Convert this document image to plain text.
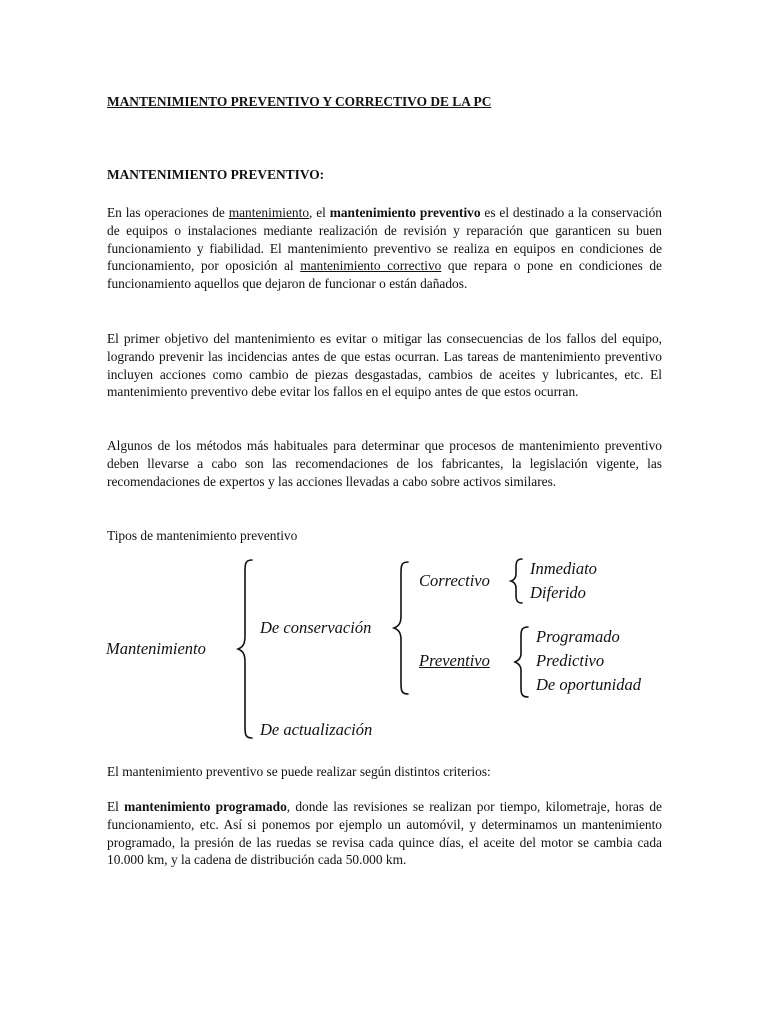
MANTENIMIENTO PREVENTIVO Y CORRECTIVO DE LA PC

MANTENIMIENTO PREVENTIVO:

En las operaciones de mantenimiento, el mantenimiento preventivo es el destinado a la conservación de equipos o instalaciones mediante realización de revisión y reparación que garanticen su buen funcionamiento y fiabilidad. El mantenimiento preventivo se realiza en equipos en condiciones de funcionamiento, por oposición al mantenimiento correctivo que repara o pone en condiciones de funcionamiento aquellos que dejaron de funcionar o están dañados.

El primer objetivo del mantenimiento es evitar o mitigar las consecuencias de los fallos del equipo, logrando prevenir las incidencias antes de que estas ocurran. Las tareas de mantenimiento preventivo incluyen acciones como cambio de piezas desgastadas, cambios de aceites y lubricantes, etc. El mantenimiento preventivo debe evitar los fallos en el equipo antes de que estos ocurran.

Algunos de los métodos más habituales para determinar que procesos de mantenimiento preventivo deben llevarse a cabo son las recomendaciones de los fabricantes, la legislación vigente, las recomendaciones de expertos y las acciones llevadas a cabo sobre activos similares.

Tipos de mantenimiento preventivo

Mantenimiento
De conservación
De actualización
Correctivo
Inmediato
Diferido
Preventivo
Programado
Predictivo
De oportunidad

El mantenimiento preventivo se puede realizar según distintos criterios:

El mantenimiento programado, donde las revisiones se realizan por tiempo, kilometraje, horas de funcionamiento, etc. Así si ponemos por ejemplo un automóvil, y determinamos un mantenimiento programado, la presión de las ruedas se revisa cada quince días, el aceite del motor se cambia cada 10.000 km, y la cadena de distribución cada 50.000 km.
